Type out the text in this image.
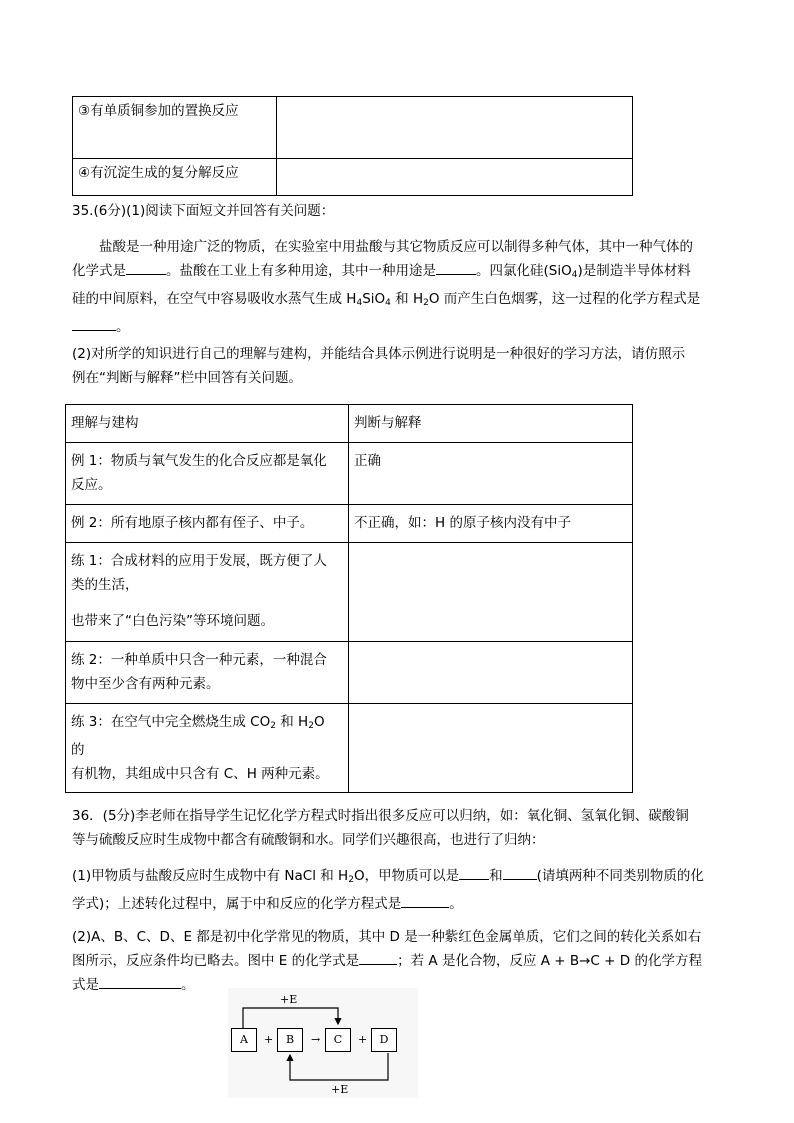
③有单质铜参加的置换反应	
④有沉淀生成的复分解反应	
35.(6分)(1)阅读下面短文并回答有关问题：
盐酸是一种用途广泛的物质，在实验室中用盐酸与其它物质反应可以制得多种气体，其中一种气体的
化学式是	。盐酸在工业上有多种用途，其中一种用途是	。四氯化硅(SiO$_4$)是制造半导体材料
硅的中间原料，在空气中容易吸收水蒸气生成 $H_4SiO_4$ 和 $H_2O$ 而产生白色烟雾，这一过程的化学方程式是
。
(2)对所学的知识进行自己的理解与建构，并能结合具体示例进行说明是一种很好的学习方法，请仿照示
例在“判断与解释”栏中回答有关问题。
理解与建构	判断与解释

例 1：物质与氧气发生的化合反应都是氧化
反应。	正确
例 2：所有地原子核内都有侄子、中子。	不正确，如：H 的原子核内没有中子

练 1：合成材料的应用于发展，既方便了人
类的生活，
也带来了“白色污染”等环境问题。	

练 2：一种单质中只含一种元素，一种混合
物中至少含有两种元素。	

练 3：在空气中完全燃烧生成 $CO_2$ 和 $H_2O$ 的
有机物，其组成中只含有 C、H 两种元素。	

36．(5分)李老师在指导学生记忆化学方程式时指出很多反应可以归纳，如：氧化铜、氢氧化铜、碳酸铜
等与硫酸反应时生成物中都含有硫酸铜和水。同学们兴趣很高，也进行了归纳：
(1)甲物质与盐酸反应时生成物中有 NaCl 和 $H_2O$，甲物质可以是 和	(请填两种不同类别物质的化
学式)；上述转化过程中，属于中和反应的化学方程式是	。
(2)A、B、C、D、E 都是初中化学常见的物质，其中 D 是一种紫红色金属单质，它们之间的转化关系如右
图所示，反应条件均已略去。图中 E 的化学式是	；若 A 是化合物，反应 A + B→C + D 的化学方程
式是	。
+E
A	+	B	→	C	+	D
+E
